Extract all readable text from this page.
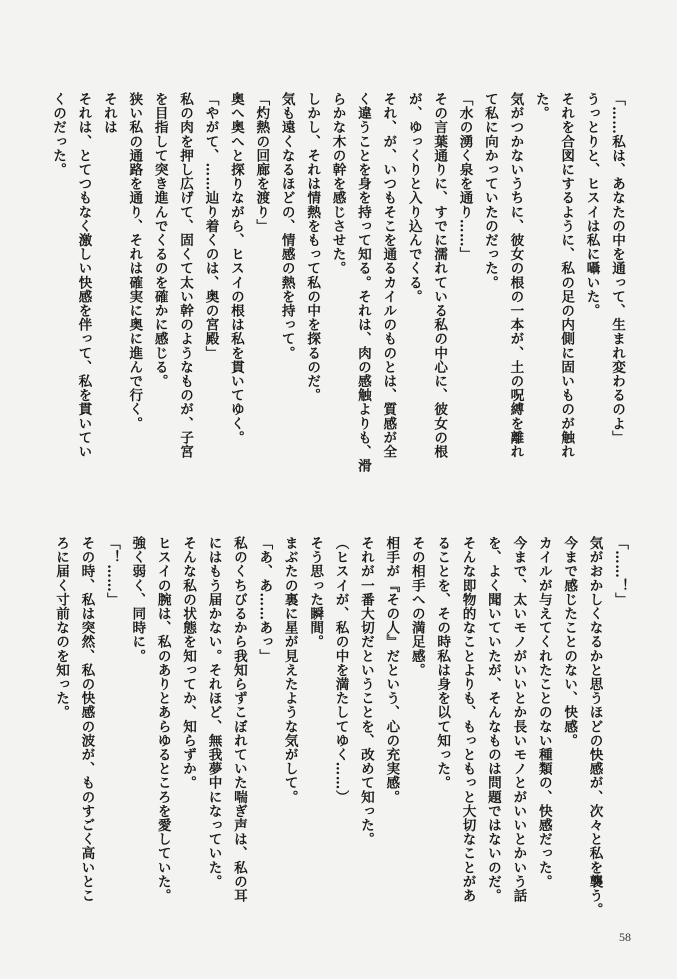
「……私は、あなたの中を通って、生まれ変わるのよ」
うっとりと、ヒスイは私に囁いた。
それを合図にするように、私の足の内側に固いものが触れ
た。
気がつかないうちに、彼女の根の一本が、土の呪縛を離れ
て私に向かっていたのだった。
「水の湧く泉を通り……」
その言葉通りに、すでに濡れている私の中心に、彼女の根
が、ゆっくりと入り込んでくる。
それ、が、いつもそこを通るカイルのものとは、質感が全
く違うことを身を持って知る。それは、肉の感触よりも、滑
らかな木の幹を感じさせた。
しかし、それは情熱をもって私の中を探るのだ。
気も遠くなるほどの、情感の熱を持って。
「灼熱の回廊を渡り」
奥へ奥へと探りながら、ヒスイの根は私を貫いてゆく。
「やがて、……辿り着くのは、奥の宮殿」
私の肉を押し広げて、固くて太い幹のようなものが、子宮
を目指して突き進んでくるのを確かに感じる。
狭い私の通路を通り、それは確実に奥に進んで行く。
それは
それは、とてつもなく激しい快感を伴って、私を貫いてい
くのだった。
「……！」
気がおかしくなるかと思うほどの快感が、次々と私を襲う。
今まで感じたことのない、快感。
カイルが与えてくれたことのない種類の、快感だった。
今まで、太いモノがいいとか長いモノとがいいとかいう話
を、よく聞いていたが、そんなものは問題ではないのだ。
そんな即物的なことよりも、もっともっと大切なことがあ
ることを、その時私は身を以て知った。
その相手への満足感。
相手が『その人』だという、心の充実感。
それが一番大切だということを、改めて知った。
（ヒスイが、私の中を満たしてゆく……）
そう思った瞬間。
まぶたの裏に星が見えたような気がして。
「あ、あ……あっ」
私のくちびるから我知らずこぼれていた喘ぎ声は、私の耳
にはもう届かない。それほど、無我夢中になっていた。
そんな私の状態を知ってか、知らずか。
ヒスイの腕は、私のありとあらゆるところを愛していた。
強く弱く、同時に。
「！……」
その時、私は突然、私の快感の波が、ものすごく高いとこ
ろに届く寸前なのを知った。
58
